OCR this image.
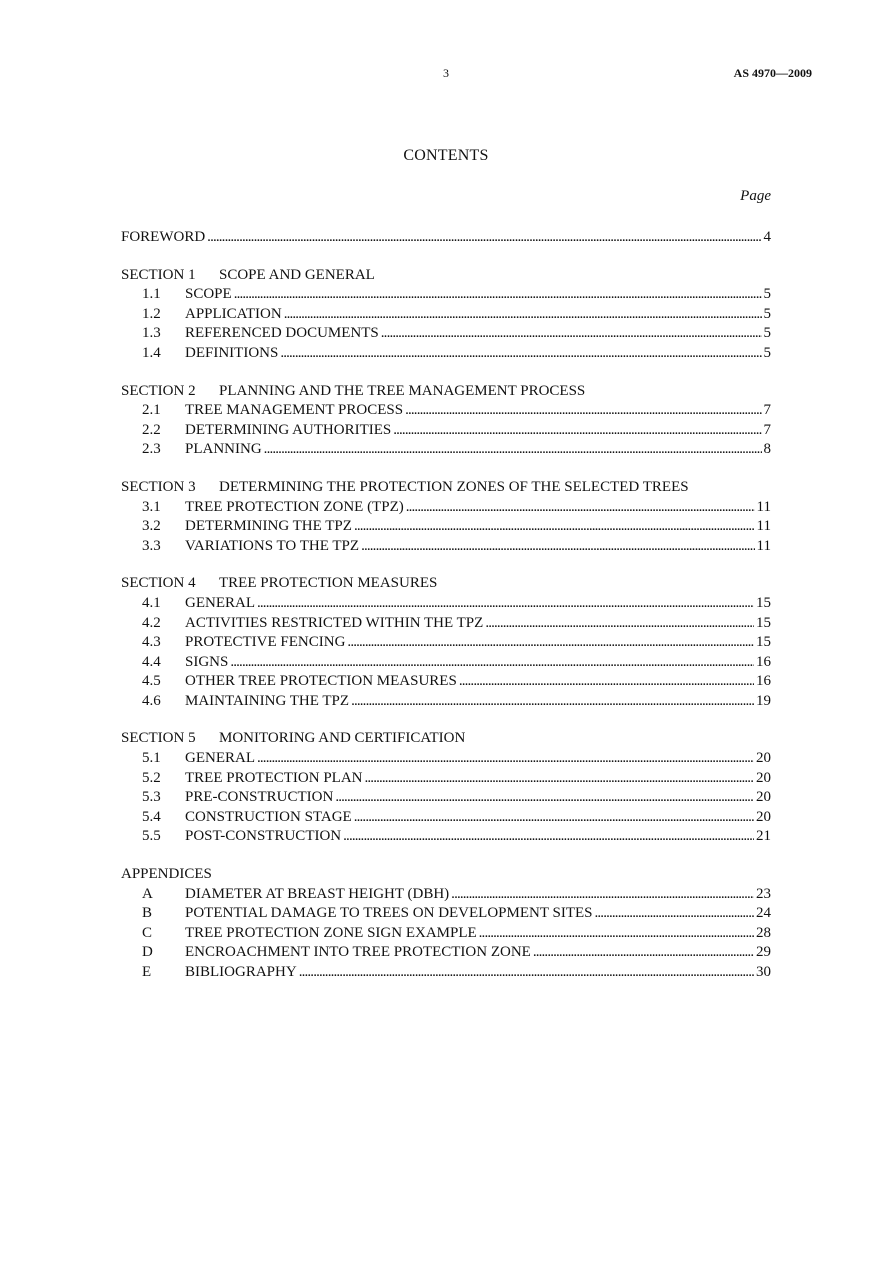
3	AS 4970—2009
CONTENTS
Page
FOREWORD . . .	4
SECTION 1 SCOPE AND GENERAL
1.1	SCOPE . . .	5
1.2	APPLICATION . . .	5
1.3	REFERENCED DOCUMENTS . . .	5
1.4	DEFINITIONS . . .	5
SECTION 2 PLANNING AND THE TREE MANAGEMENT PROCESS
2.1	TREE MANAGEMENT PROCESS . . .	7
2.2	DETERMINING AUTHORITIES . . .	7
2.3	PLANNING . . .	8
SECTION 3 DETERMINING THE PROTECTION ZONES OF THE SELECTED TREES
3.1	TREE PROTECTION ZONE (TPZ) . . .	11
3.2	DETERMINING THE TPZ . . .	11
3.3	VARIATIONS TO THE TPZ . . .	11
SECTION 4 TREE PROTECTION MEASURES
4.1	GENERAL . . .	15
4.2	ACTIVITIES RESTRICTED WITHIN THE TPZ . . .	15
4.3	PROTECTIVE FENCING . . .	15
4.4	SIGNS . . .	16
4.5	OTHER TREE PROTECTION MEASURES . . .	16
4.6	MAINTAINING THE TPZ . . .	19
SECTION 5 MONITORING AND CERTIFICATION
5.1	GENERAL . . .	20
5.2	TREE PROTECTION PLAN . . .	20
5.3	PRE-CONSTRUCTION . . .	20
5.4	CONSTRUCTION STAGE . . .	20
5.5	POST-CONSTRUCTION . . .	21
APPENDICES
A	DIAMETER AT BREAST HEIGHT (DBH) . . .	23
B	POTENTIAL DAMAGE TO TREES ON DEVELOPMENT SITES . . .	24
C	TREE PROTECTION ZONE SIGN EXAMPLE . . .	28
D	ENCROACHMENT INTO TREE PROTECTION ZONE . . .	29
E	BIBLIOGRAPHY . . .	30
